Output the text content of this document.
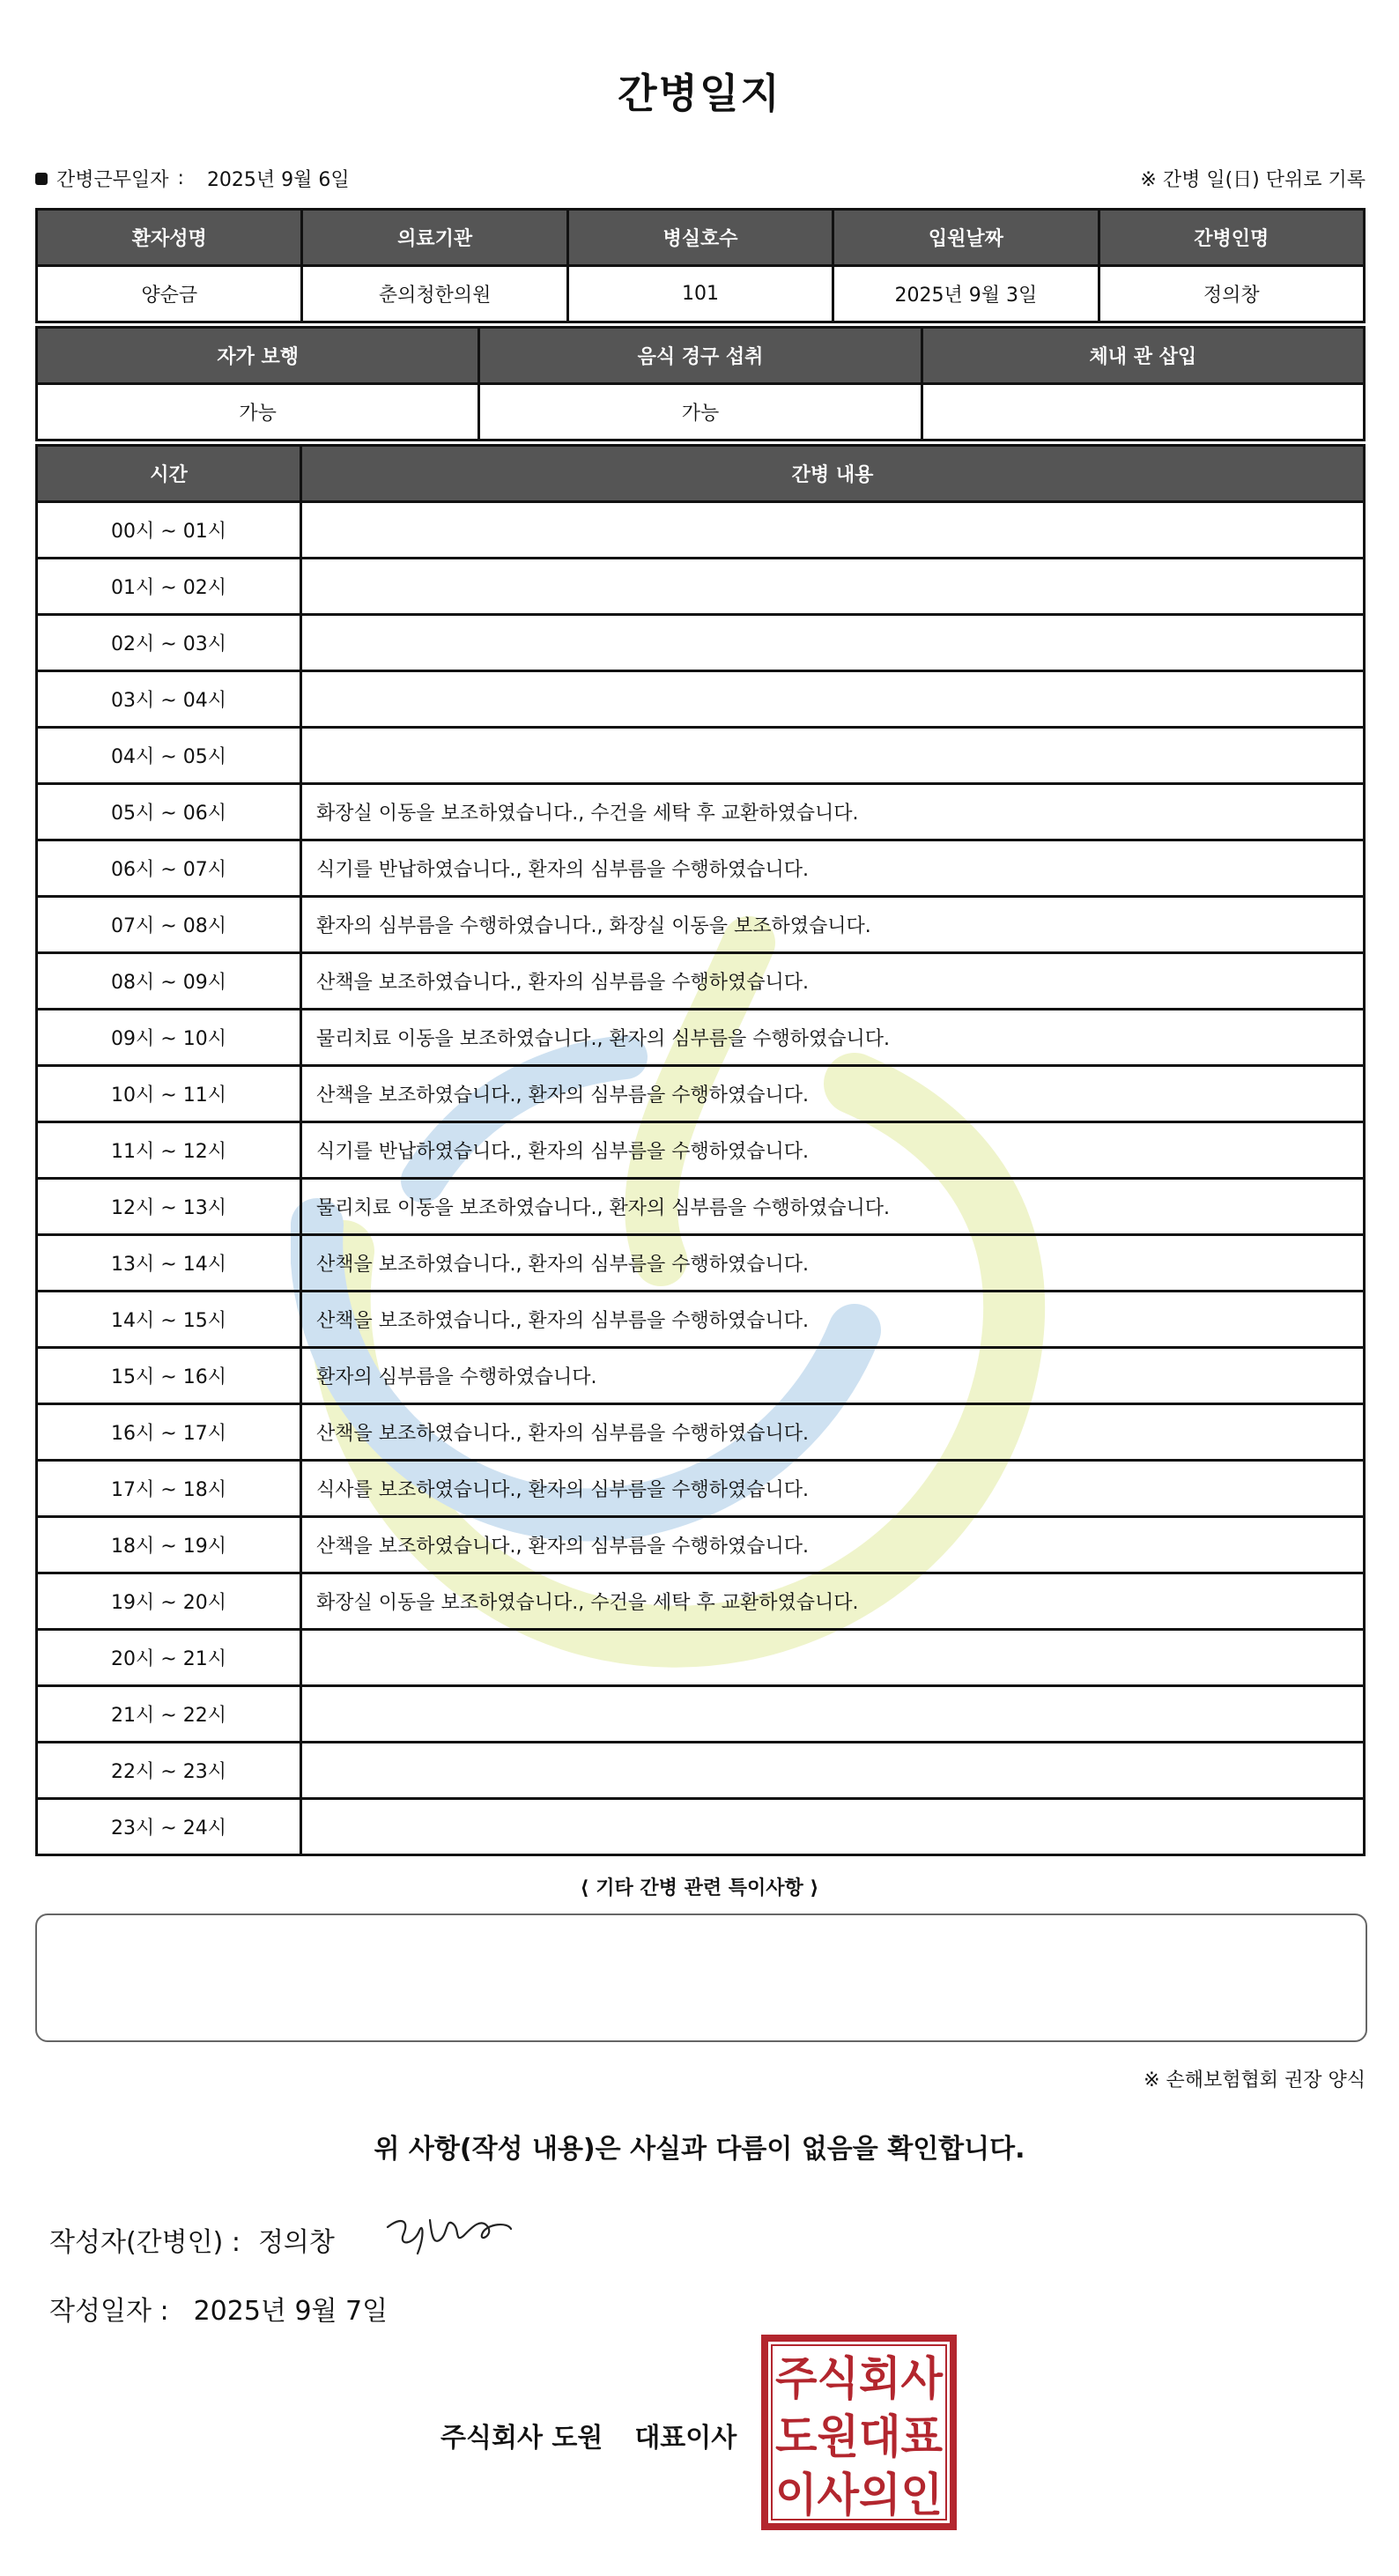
간병일지
간병근무일자 : 2025년 9월 6일	※ 간병 일(日) 단위로 기록
환자성명	의료기관	병실호수	입원날짜	간병인명
양순금	춘의청한의원	101	2025년 9월 3일	정의창
자가 보행	음식 경구 섭취	체내 관 삽입
가능	가능	
시간	간병 내용
00시 ~ 01시	
01시 ~ 02시	
02시 ~ 03시	
03시 ~ 04시	
04시 ~ 05시	
05시 ~ 06시	화장실 이동을 보조하였습니다., 수건을 세탁 후 교환하였습니다.
06시 ~ 07시	식기를 반납하였습니다., 환자의 심부름을 수행하였습니다.
07시 ~ 08시	환자의 심부름을 수행하였습니다., 화장실 이동을 보조하였습니다.
08시 ~ 09시	산책을 보조하였습니다., 환자의 심부름을 수행하였습니다.
09시 ~ 10시	물리치료 이동을 보조하였습니다., 환자의 심부름을 수행하였습니다.
10시 ~ 11시	산책을 보조하였습니다., 환자의 심부름을 수행하였습니다.
11시 ~ 12시	식기를 반납하였습니다., 환자의 심부름을 수행하였습니다.
12시 ~ 13시	물리치료 이동을 보조하였습니다., 환자의 심부름을 수행하였습니다.
13시 ~ 14시	산책을 보조하였습니다., 환자의 심부름을 수행하였습니다.
14시 ~ 15시	산책을 보조하였습니다., 환자의 심부름을 수행하였습니다.
15시 ~ 16시	환자의 심부름을 수행하였습니다.
16시 ~ 17시	산책을 보조하였습니다., 환자의 심부름을 수행하였습니다.
17시 ~ 18시	식사를 보조하였습니다., 환자의 심부름을 수행하였습니다.
18시 ~ 19시	산책을 보조하였습니다., 환자의 심부름을 수행하였습니다.
19시 ~ 20시	화장실 이동을 보조하였습니다., 수건을 세탁 후 교환하였습니다.
20시 ~ 21시	
21시 ~ 22시	
22시 ~ 23시	
23시 ~ 24시	
⟨ 기타 간병 관련 특이사항 ⟩
※ 손해보험협회 권장 양식
위 사항(작성 내용)은 사실과 다름이 없음을 확인합니다.
작성자(간병인) : 정의창
작성일자 : 2025년 9월 7일
주식회사 도원 대표이사
주식회사
도원대표
이사의인
